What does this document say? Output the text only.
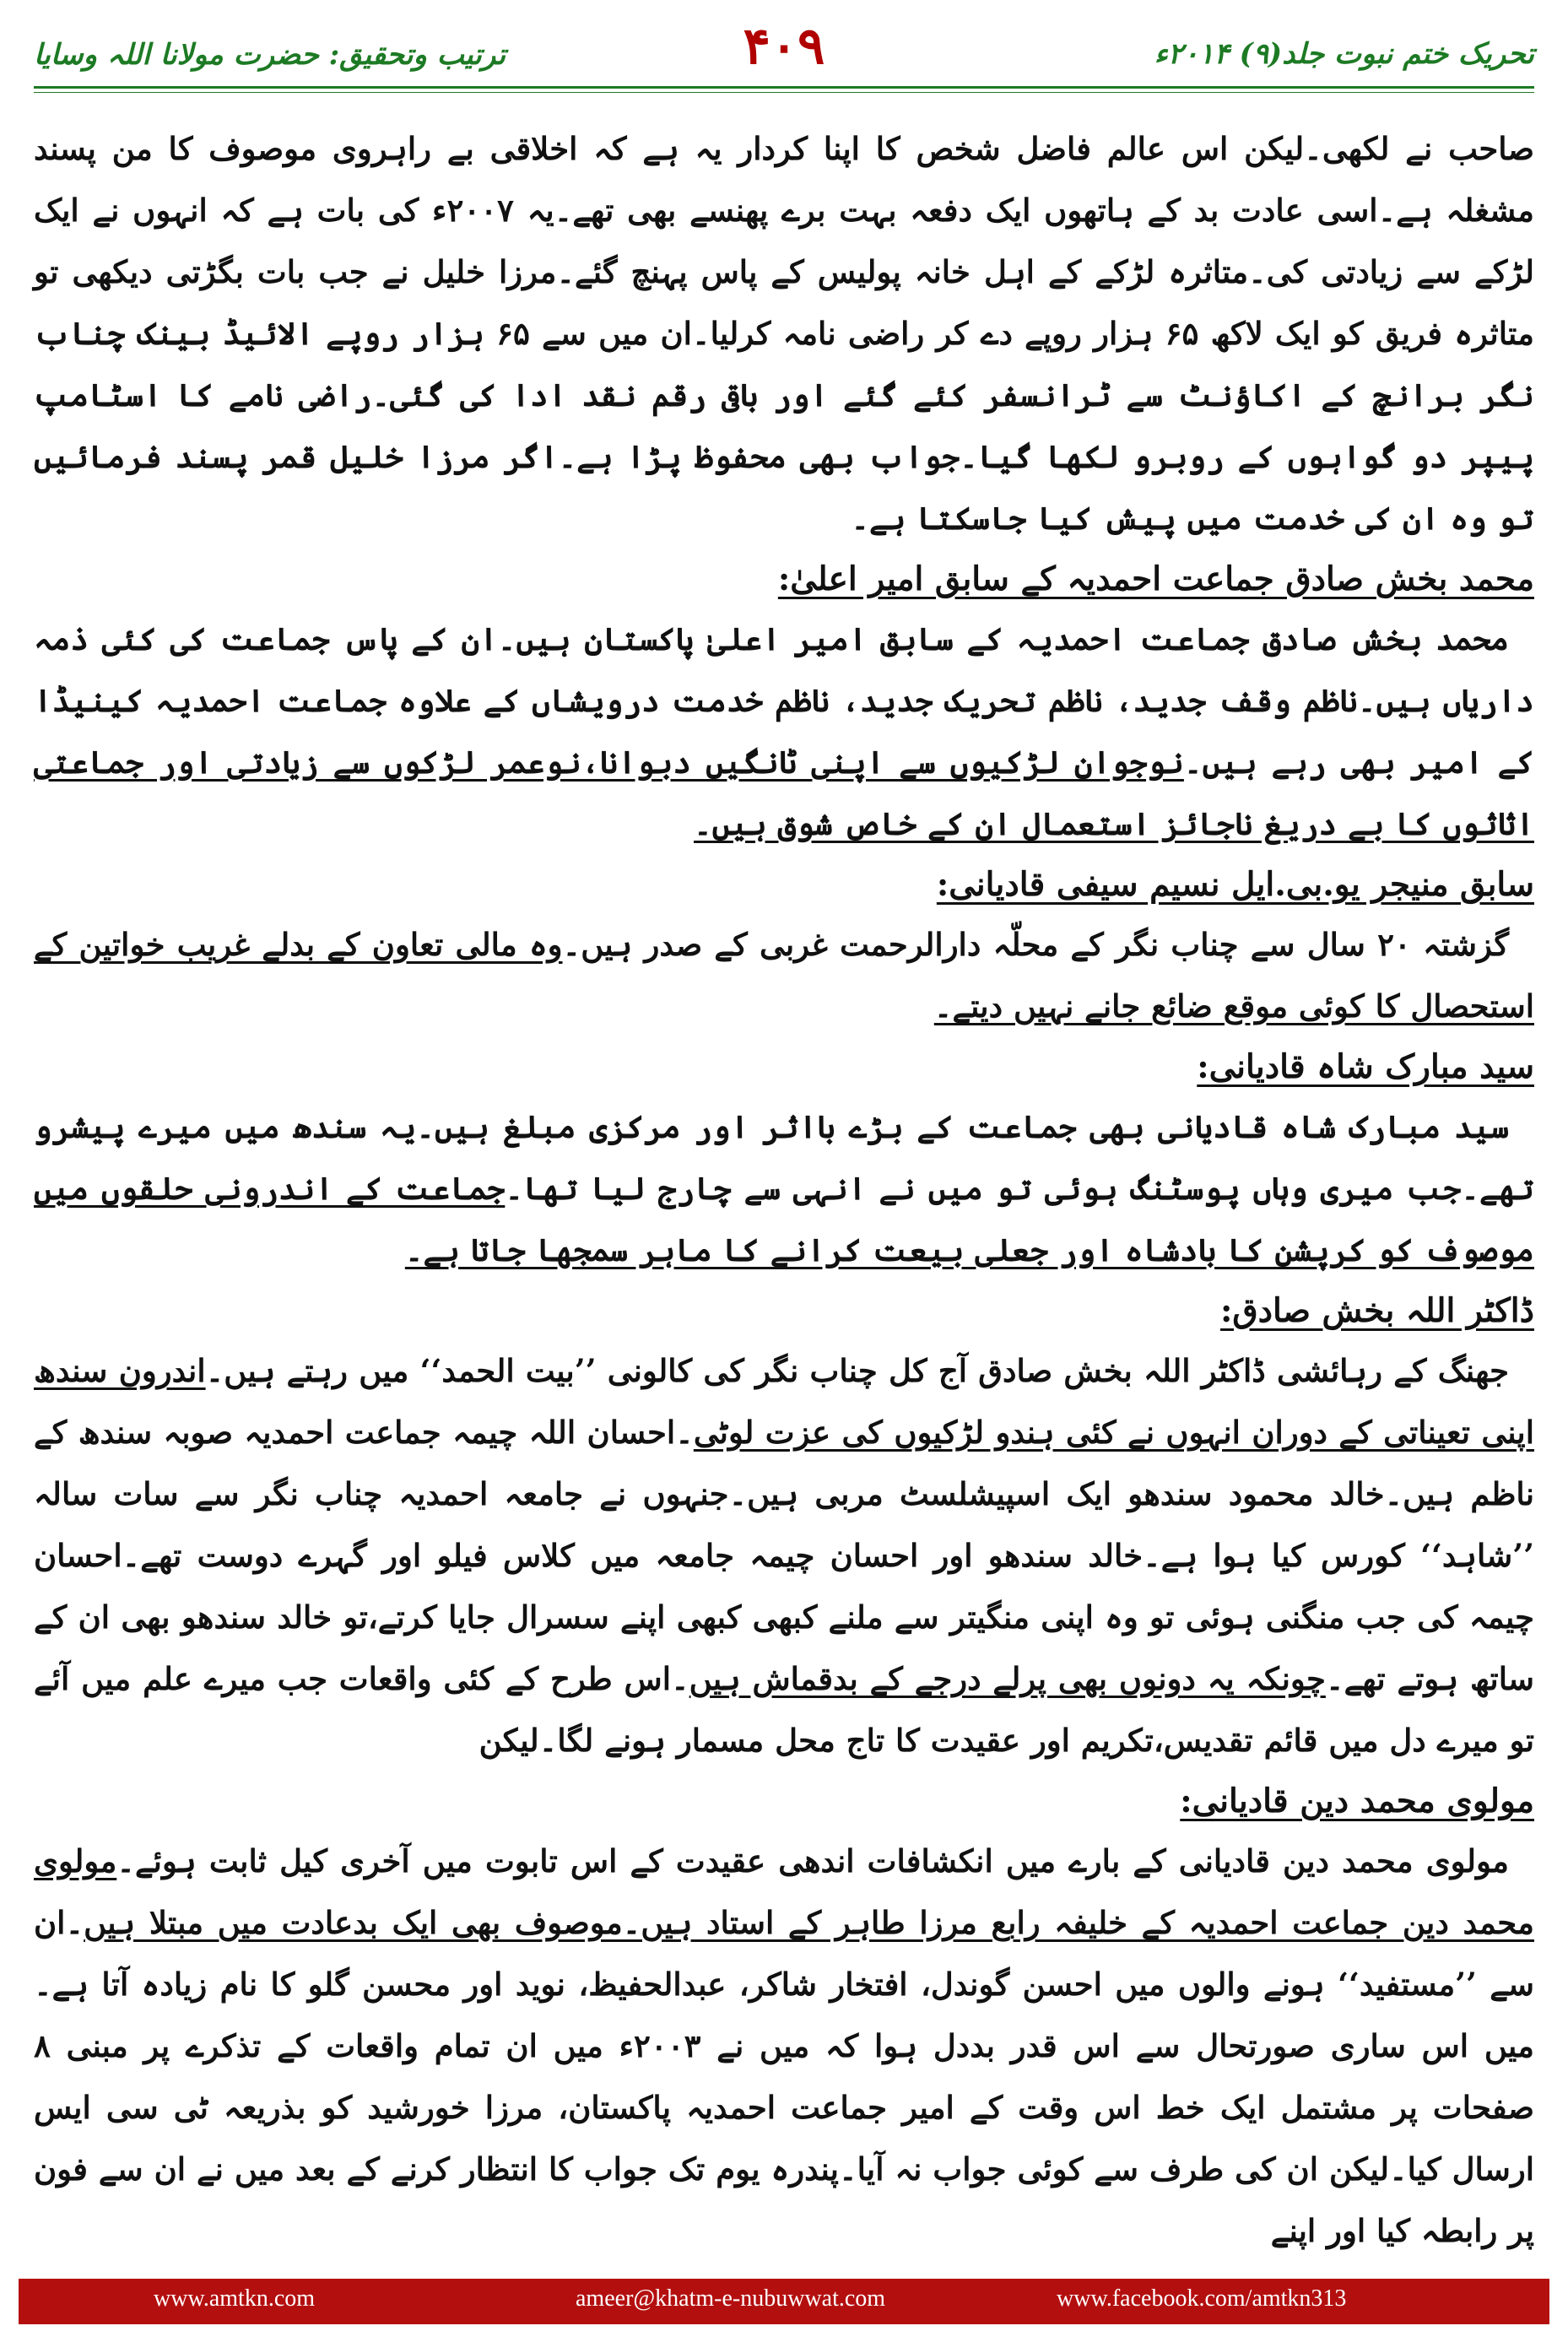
ترتیب وتحقیق: حضرت مولانا اللہ وسایا	۴۰۹	تحریک ختم نبوت جلد(۹) ۲۰۱۴ء

صاحب نے لکھی۔لیکن اس عالم فاضل شخص کا اپنا کردار یہ ہے کہ اخلاقی بے راہروی موصوف کا من پسند مشغلہ ہے۔اسی عادت بد کے ہاتھوں ایک دفعہ بہت برے پھنسے بھی تھے۔یہ ۲۰۰۷ء کی بات ہے کہ انہوں نے ایک لڑکے سے زیادتی کی۔متاثرہ لڑکے کے اہل خانہ پولیس کے پاس پہنچ گئے۔مرزا خلیل نے جب بات بگڑتی دیکھی تو متاثرہ فریق کو ایک لاکھ ۶۵ ہزار روپے دے کر راضی نامہ کرلیا۔ان میں سے ۶۵ ہزار روپے الائیڈ بینک چناب نگر برانچ کے اکاؤنٹ سے ٹرانسفر کئے گئے اور باقی رقم نقد ادا کی گئی۔راضی نامے کا اسٹامپ پیپر دو گواہوں کے روبرو لکھا گیا۔جواب بھی محفوظ پڑا ہے۔اگر مرزا خلیل قمر پسند فرمائیں تو وہ ان کی خدمت میں پیش کیا جاسکتا ہے۔

محمد بخش صادق جماعت احمدیہ کے سابق امیر اعلیٰ:

محمد بخش صادق جماعت احمدیہ کے سابق امیر اعلیٰ پاکستان ہیں۔ان کے پاس جماعت کی کئی ذمہ داریاں ہیں۔ناظم وقف جدید، ناظم تحریک جدید، ناظم خدمت درویشاں کے علاوہ جماعت احمدیہ کینیڈا کے امیر بھی رہے ہیں۔نوجوان لڑکیوں سے اپنی ٹانگیں دبوانا،نوعمر لڑکوں سے زیادتی اور جماعتی اثاثوں کا بے دریغ ناجائز استعمال ان کے خاص شوق ہیں۔

سابق منیجر یو.بی.ایل نسیم سیفی قادیانی:

گزشتہ ۲۰ سال سے چناب نگر کے محلّہ دارالرحمت غربی کے صدر ہیں۔وہ مالی تعاون کے بدلے غریب خواتین کے استحصال کا کوئی موقع ضائع جانے نہیں دیتے۔

سید مبارک شاہ قادیانی:

سید مبارک شاہ قادیانی بھی جماعت کے بڑے بااثر اور مرکزی مبلغ ہیں۔یہ سندھ میں میرے پیشرو تھے۔جب میری وہاں پوسٹنگ ہوئی تو میں نے انہی سے چارج لیا تھا۔جماعت کے اندرونی حلقوں میں موصوف کو کرپشن کا بادشاہ اور جعلی بیعت کرانے کا ماہر سمجھا جاتا ہے۔

ڈاکٹر اللہ بخش صادق:

جھنگ کے رہائشی ڈاکٹر اللہ بخش صادق آج کل چناب نگر کی کالونی ’’بیت الحمد‘‘ میں رہتے ہیں۔اندرون سندھ اپنی تعیناتی کے دوران انہوں نے کئی ہندو لڑکیوں کی عزت لوٹی۔احسان اللہ چیمہ جماعت احمدیہ صوبہ سندھ کے ناظم ہیں۔خالد محمود سندھو ایک اسپیشلسٹ مربی ہیں۔جنہوں نے جامعہ احمدیہ چناب نگر سے سات سالہ ’’شاہد‘‘ کورس کیا ہوا ہے۔خالد سندھو اور احسان چیمہ جامعہ میں کلاس فیلو اور گہرے دوست تھے۔احسان چیمہ کی جب منگنی ہوئی تو وہ اپنی منگیتر سے ملنے کبھی کبھی اپنے سسرال جایا کرتے،تو خالد سندھو بھی ان کے ساتھ ہوتے تھے۔چونکہ یہ دونوں بھی پرلے درجے کے بدقماش ہیں۔اس طرح کے کئی واقعات جب میرے علم میں آئے تو میرے دل میں قائم تقدیس،تکریم اور عقیدت کا تاج محل مسمار ہونے لگا۔لیکن

مولوی محمد دین قادیانی:

مولوی محمد دین قادیانی کے بارے میں انکشافات اندھی عقیدت کے اس تابوت میں آخری کیل ثابت ہوئے۔مولوی محمد دین جماعت احمدیہ کے خلیفہ رابع مرزا طاہر کے استاد ہیں۔موصوف بھی ایک بدعادت میں مبتلا ہیں۔ان سے ’’مستفید‘‘ ہونے والوں میں احسن گوندل، افتخار شاکر، عبدالحفیظ، نوید اور محسن گلو کا نام زیادہ آتا ہے۔میں اس ساری صورتحال سے اس قدر بددل ہوا کہ میں نے ۲۰۰۳ء میں ان تمام واقعات کے تذکرے پر مبنی ۸ صفحات پر مشتمل ایک خط اس وقت کے امیر جماعت احمدیہ پاکستان، مرزا خورشید کو بذریعہ ٹی سی ایس ارسال کیا۔لیکن ان کی طرف سے کوئی جواب نہ آیا۔پندرہ یوم تک جواب کا انتظار کرنے کے بعد میں نے ان سے فون پر رابطہ کیا اور اپنے

www.amtkn.com	ameer@khatm-e-nubuwwat.com	www.facebook.com/amtkn313
